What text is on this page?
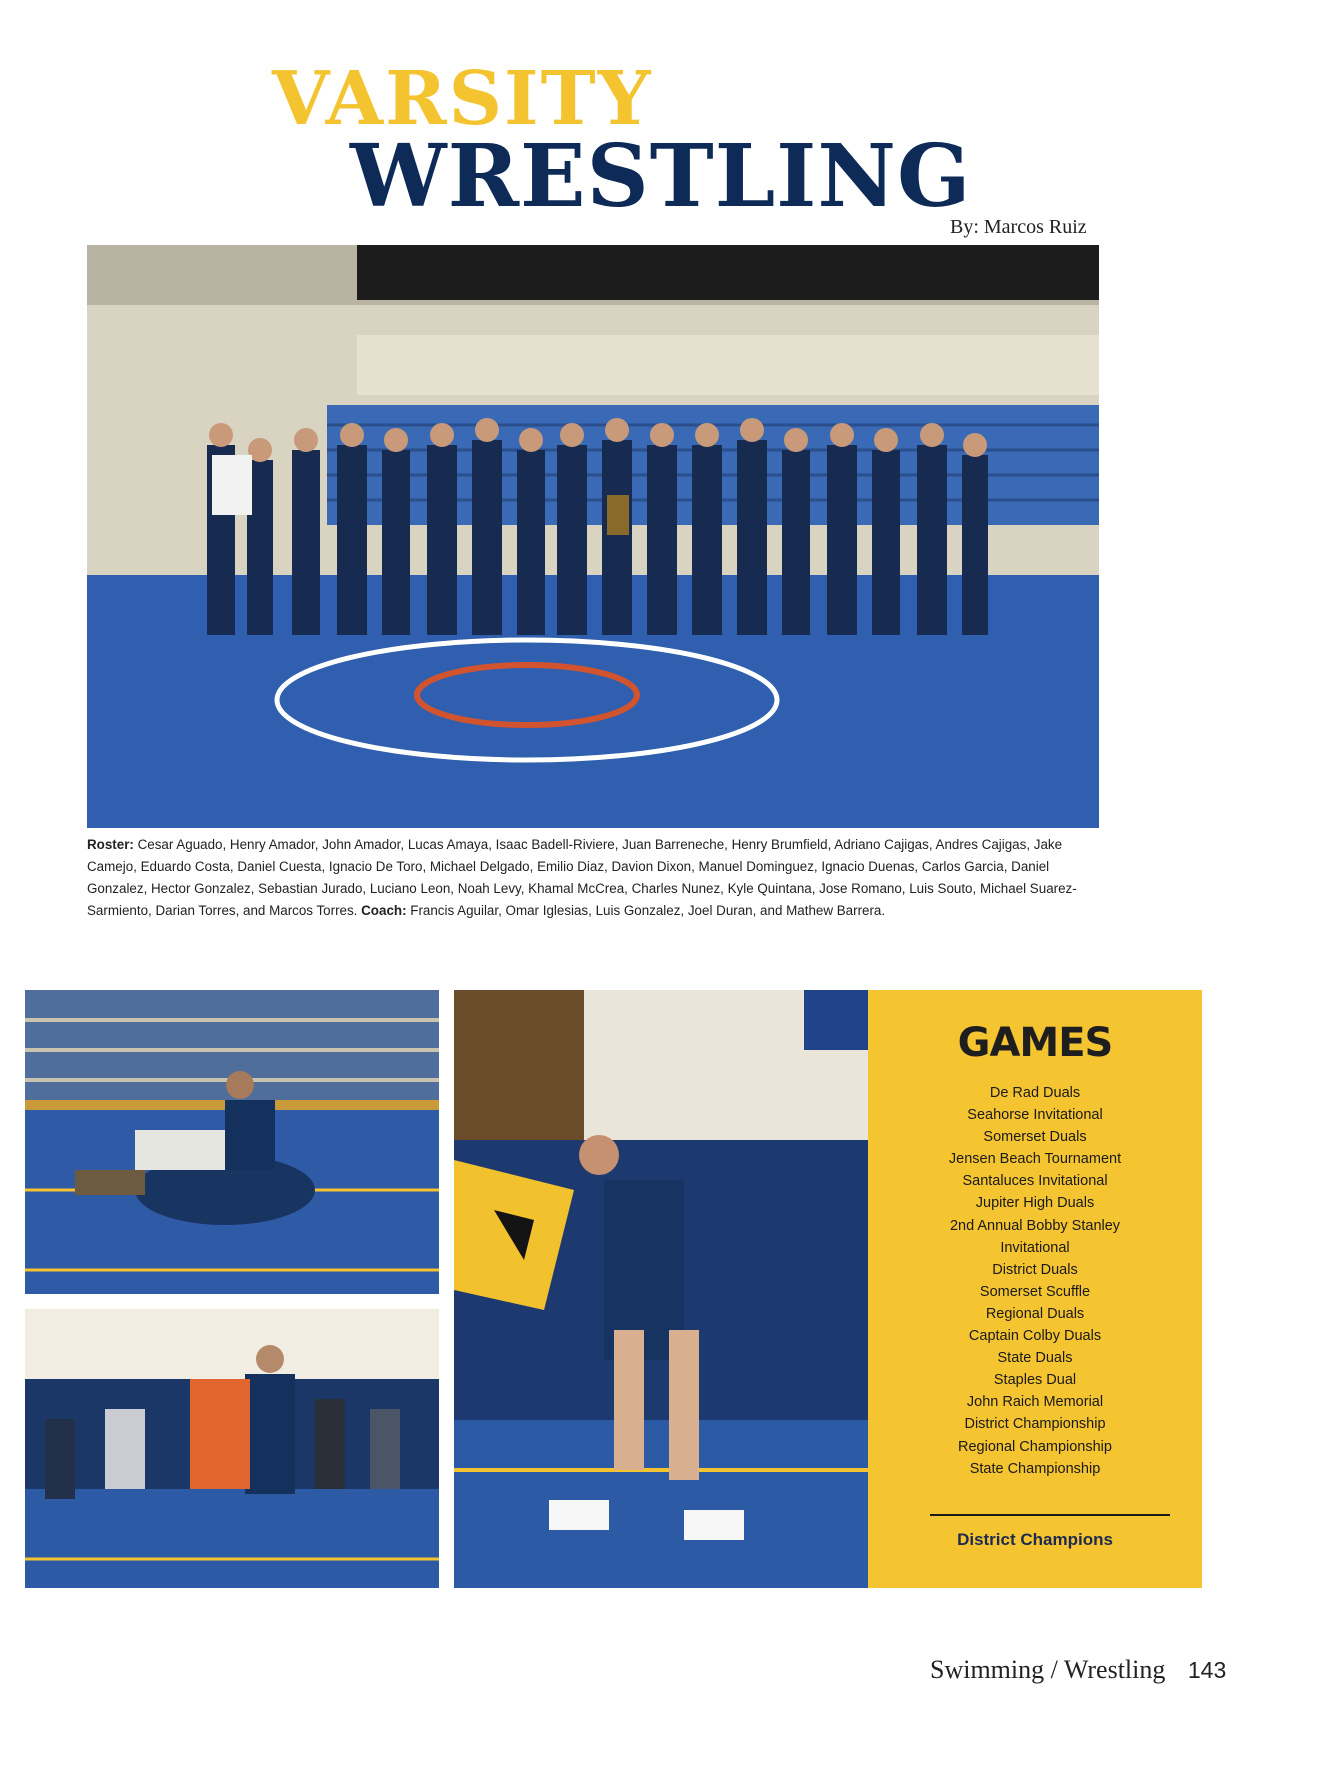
VARSITY
WRESTLING
By: Marcos Ruiz
Roster: Cesar Aguado, Henry Amador, John Amador, Lucas Amaya, Isaac Badell-Riviere, Juan Barreneche, Henry Brumfield, Adriano Cajigas, Andres Cajigas, Jake Camejo, Eduardo Costa, Daniel Cuesta, Ignacio De Toro, Michael Delgado, Emilio Diaz, Davion Dixon, Manuel Dominguez, Ignacio Duenas, Carlos Garcia, Daniel Gonzalez, Hector Gonzalez, Sebastian Jurado, Luciano Leon, Noah Levy, Khamal McCrea, Charles Nunez, Kyle Quintana, Jose Romano, Luis Souto, Michael Suarez-Sarmiento, Darian Torres, and Marcos Torres. Coach: Francis Aguilar, Omar Iglesias, Luis Gonzalez, Joel Duran, and Mathew Barrera.
GAMES
De Rad Duals
Seahorse Invitational
Somerset Duals
Jensen Beach Tournament
Santaluces Invitational
Jupiter High Duals
2nd Annual Bobby Stanley
Invitational
District Duals
Somerset Scuffle
Regional Duals
Captain Colby Duals
State Duals
Staples Dual
John Raich Memorial
District Championship
Regional Championship
State Championship
District Champions
Swimming / Wrestling 143
